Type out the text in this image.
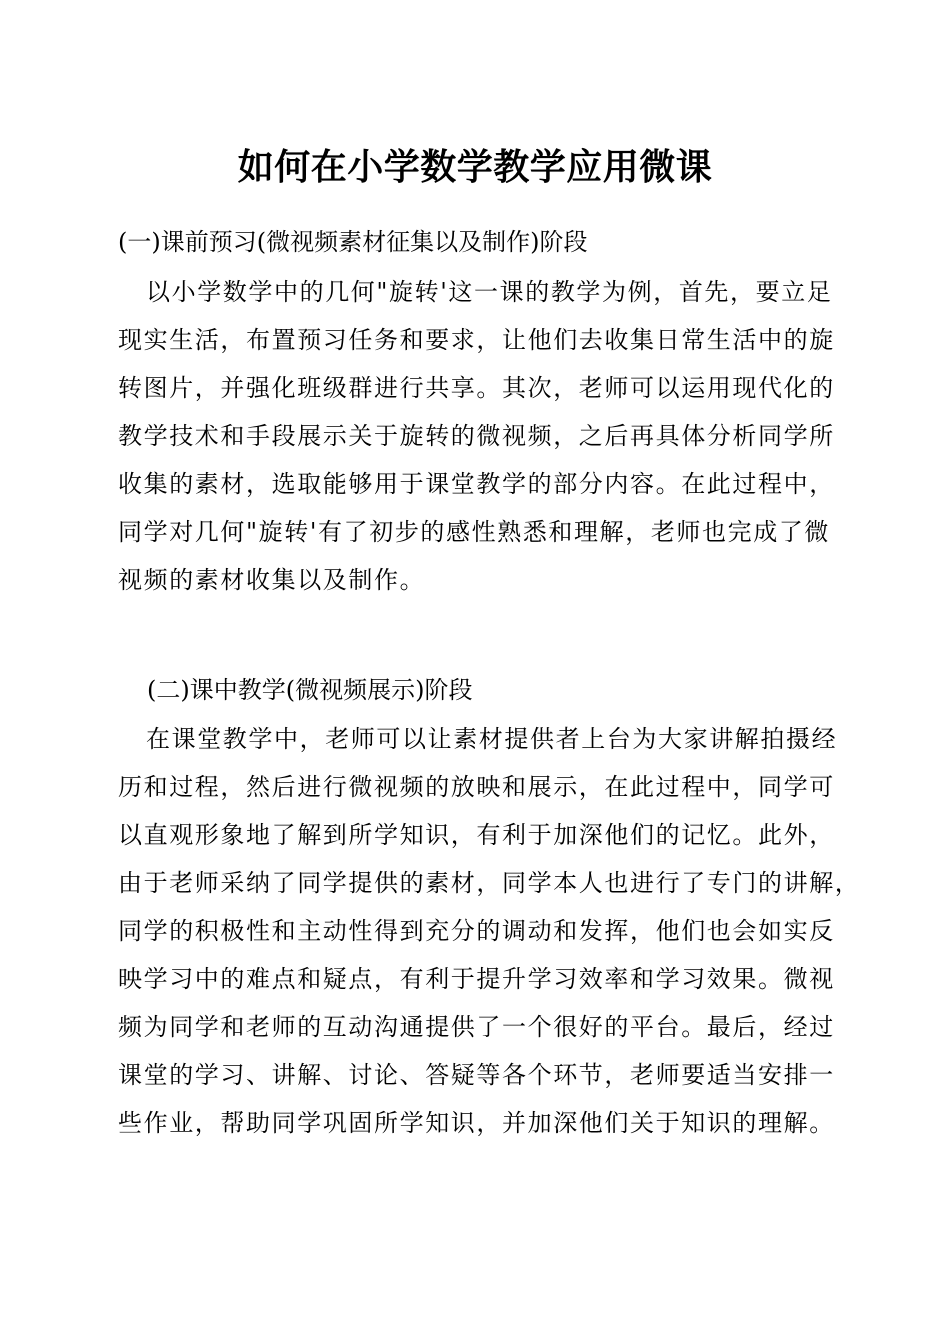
如何在小学数学教学应用微课
(一)课前预习(微视频素材征集以及制作)阶段
以小学数学中的几何"旋转'这一课的教学为例，首先，要立足
现实生活，布置预习任务和要求，让他们去收集日常生活中的旋
转图片，并强化班级群进行共享。其次，老师可以运用现代化的
教学技术和手段展示关于旋转的微视频，之后再具体分析同学所
收集的素材，选取能够用于课堂教学的部分内容。在此过程中，
同学对几何"旋转'有了初步的感性熟悉和理解，老师也完成了微
视频的素材收集以及制作。
(二)课中教学(微视频展示)阶段
在课堂教学中，老师可以让素材提供者上台为大家讲解拍摄经
历和过程，然后进行微视频的放映和展示，在此过程中，同学可
以直观形象地了解到所学知识，有利于加深他们的记忆。此外，
由于老师采纳了同学提供的素材，同学本人也进行了专门的讲解，
同学的积极性和主动性得到充分的调动和发挥，他们也会如实反
映学习中的难点和疑点，有利于提升学习效率和学习效果。微视
频为同学和老师的互动沟通提供了一个很好的平台。最后，经过
课堂的学习、讲解、讨论、答疑等各个环节，老师要适当安排一
些作业，帮助同学巩固所学知识，并加深他们关于知识的理解。
